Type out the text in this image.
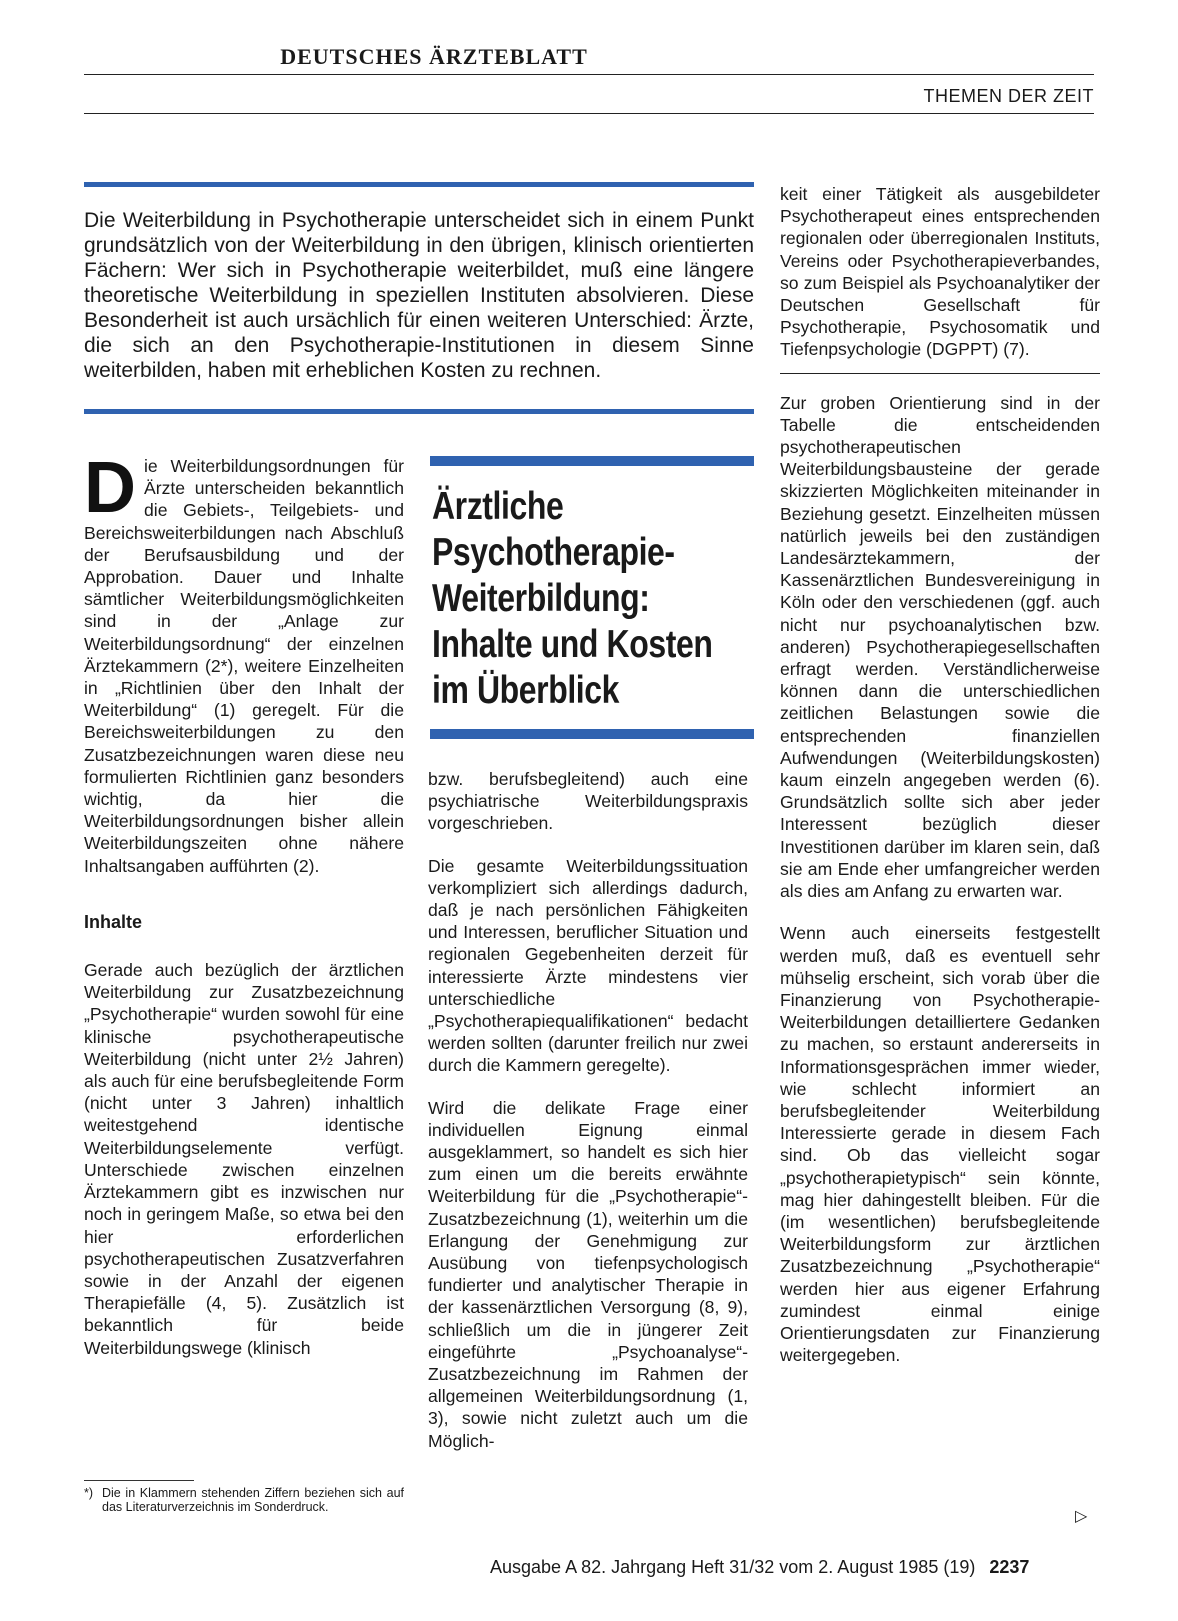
DEUTSCHES ÄRZTEBLATT
THEMEN DER ZEIT
Die Weiterbildung in Psychotherapie unterscheidet sich in einem Punkt grundsätzlich von der Weiterbildung in den übrigen, klinisch orientierten Fächern: Wer sich in Psychotherapie weiterbildet, muß eine längere theoretische Weiterbildung in speziellen Instituten absolvieren. Diese Besonderheit ist auch ursächlich für einen weiteren Unterschied: Ärzte, die sich an den Psychotherapie-Institutionen in diesem Sinne weiterbilden, haben mit erheblichen Kosten zu rechnen.

Die Weiterbildungsordnungen für Ärzte unterscheiden bekanntlich die Gebiets-, Teilgebiets- und Bereichsweiterbildungen nach Abschluß der Berufsausbildung und der Approbation. Dauer und Inhalte sämtlicher Weiterbildungsmöglichkeiten sind in der „Anlage zur Weiterbildungsordnung“ der einzelnen Ärztekammern (2*), weitere Einzelheiten in „Richtlinien über den Inhalt der Weiterbildung“ (1) geregelt. Für die Bereichsweiterbildungen zu den Zusatzbezeichnungen waren diese neu formulierten Richtlinien ganz besonders wichtig, da hier die Weiterbildungsordnungen bisher allein Weiterbildungszeiten ohne nähere Inhaltsangaben aufführten (2).

Inhalte

Gerade auch bezüglich der ärztlichen Weiterbildung zur Zusatzbezeichnung „Psychotherapie“ wurden sowohl für eine klinische psychotherapeutische Weiterbildung (nicht unter 2½ Jahren) als auch für eine berufsbegleitende Form (nicht unter 3 Jahren) inhaltlich weitestgehend identische Weiterbildungselemente verfügt. Unterschiede zwischen einzelnen Ärztekammern gibt es inzwischen nur noch in geringem Maße, so etwa bei den hier erforderlichen psychotherapeutischen Zusatzverfahren sowie in der Anzahl der eigenen Therapiefälle (4, 5). Zusätzlich ist bekanntlich für beide Weiterbildungswege (klinisch

*) Die in Klammern stehenden Ziffern beziehen sich auf das Literaturverzeichnis im Sonderdruck.
Ärztliche
Psychotherapie-
Weiterbildung:
Inhalte und Kosten
im Überblick

bzw. berufsbegleitend) auch eine psychiatrische Weiterbildungspraxis vorgeschrieben.

Die gesamte Weiterbildungssituation verkompliziert sich allerdings dadurch, daß je nach persönlichen Fähigkeiten und Interessen, beruflicher Situation und regionalen Gegebenheiten derzeit für interessierte Ärzte mindestens vier unterschiedliche „Psychotherapiequalifikationen“ bedacht werden sollten (darunter freilich nur zwei durch die Kammern geregelte).

Wird die delikate Frage einer individuellen Eignung einmal ausgeklammert, so handelt es sich hier zum einen um die bereits erwähnte Weiterbildung für die „Psychotherapie“-Zusatzbezeichnung (1), weiterhin um die Erlangung der Genehmigung zur Ausübung von tiefenpsychologisch fundierter und analytischer Therapie in der kassenärztlichen Versorgung (8, 9), schließlich um die in jüngerer Zeit eingeführte „Psychoanalyse“-Zusatzbezeichnung im Rahmen der allgemeinen Weiterbildungsordnung (1, 3), sowie nicht zuletzt auch um die Möglich-

keit einer Tätigkeit als ausgebildeter Psychotherapeut eines entsprechenden regionalen oder überregionalen Instituts, Vereins oder Psychotherapieverbandes, so zum Beispiel als Psychoanalytiker der Deutschen Gesellschaft für Psychotherapie, Psychosomatik und Tiefenpsychologie (DGPPT) (7).

Zur groben Orientierung sind in der Tabelle die entscheidenden psychotherapeutischen Weiterbildungsbausteine der gerade skizzierten Möglichkeiten miteinander in Beziehung gesetzt. Einzelheiten müssen natürlich jeweils bei den zuständigen Landesärztekammern, der Kassenärztlichen Bundesvereinigung in Köln oder den verschiedenen (ggf. auch nicht nur psychoanalytischen bzw. anderen) Psychotherapiegesellschaften erfragt werden. Verständlicherweise können dann die unterschiedlichen zeitlichen Belastungen sowie die entsprechenden finanziellen Aufwendungen (Weiterbildungskosten) kaum einzeln angegeben werden (6). Grundsätzlich sollte sich aber jeder Interessent bezüglich dieser Investitionen darüber im klaren sein, daß sie am Ende eher umfangreicher werden als dies am Anfang zu erwarten war.

Wenn auch einerseits festgestellt werden muß, daß es eventuell sehr mühselig erscheint, sich vorab über die Finanzierung von Psychotherapie-Weiterbildungen detailliertere Gedanken zu machen, so erstaunt andererseits in Informationsgesprächen immer wieder, wie schlecht informiert an berufsbegleitender Weiterbildung Interessierte gerade in diesem Fach sind. Ob das vielleicht sogar „psychotherapietypisch“ sein könnte, mag hier dahingestellt bleiben. Für die (im wesentlichen) berufsbegleitende Weiterbildungsform zur ärztlichen Zusatzbezeichnung „Psychotherapie“ werden hier aus eigener Erfahrung zumindest einmal einige Orientierungsdaten zur Finanzierung weitergegeben.

▷
Ausgabe A 82. Jahrgang Heft 31/32 vom 2. August 1985 (19) 2237
